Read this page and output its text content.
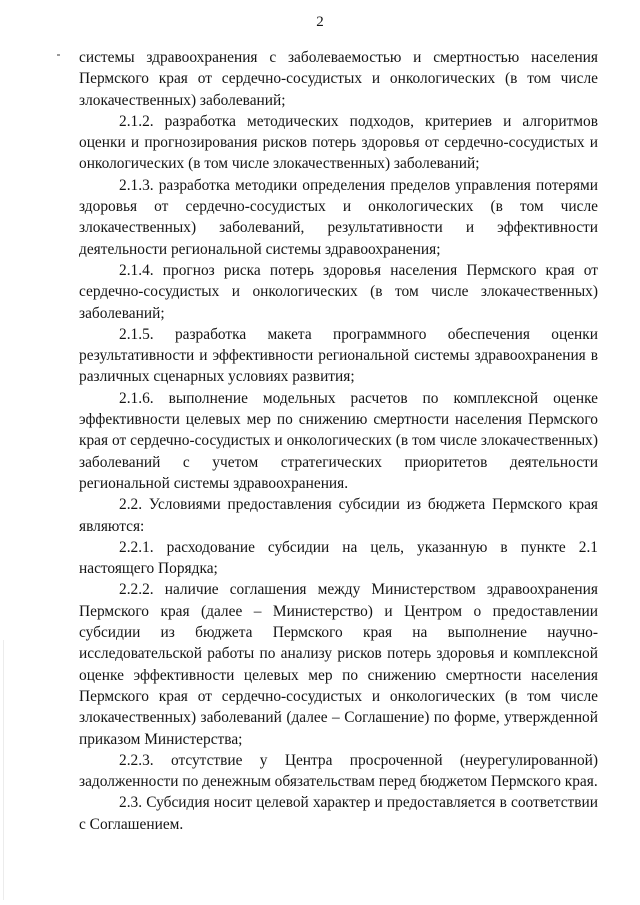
2

системы здравоохранения с заболеваемостью и смертностью населения Пермского края от сердечно-сосудистых и онкологических (в том числе злокачественных) заболеваний;

2.1.2. разработка методических подходов, критериев и алгоритмов оценки и прогнозирования рисков потерь здоровья от сердечно-сосудистых и онкологических (в том числе злокачественных) заболеваний;

2.1.3. разработка методики определения пределов управления потерями здоровья от сердечно-сосудистых и онкологических (в том числе злокачественных) заболеваний, результативности и эффективности деятельности региональной системы здравоохранения;

2.1.4. прогноз риска потерь здоровья населения Пермского края от сердечно-сосудистых и онкологических (в том числе злокачественных) заболеваний;

2.1.5. разработка макета программного обеспечения оценки результативности и эффективности региональной системы здравоохранения в различных сценарных условиях развития;

2.1.6. выполнение модельных расчетов по комплексной оценке эффективности целевых мер по снижению смертности населения Пермского края от сердечно-сосудистых и онкологических (в том числе злокачественных) заболеваний с учетом стратегических приоритетов деятельности региональной системы здравоохранения.

2.2. Условиями предоставления субсидии из бюджета Пермского края являются:

2.2.1. расходование субсидии на цель, указанную в пункте 2.1 настоящего Порядка;

2.2.2. наличие соглашения между Министерством здравоохранения Пермского края (далее – Министерство) и Центром о предоставлении субсидии из бюджета Пермского края на выполнение научно-исследовательской работы по анализу рисков потерь здоровья и комплексной оценке эффективности целевых мер по снижению смертности населения Пермского края от сердечно-сосудистых и онкологических (в том числе злокачественных) заболеваний (далее – Соглашение) по форме, утвержденной приказом Министерства;

2.2.3. отсутствие у Центра просроченной (неурегулированной) задолженности по денежным обязательствам перед бюджетом Пермского края.

2.3. Субсидия носит целевой характер и предоставляется в соответствии с Соглашением.
